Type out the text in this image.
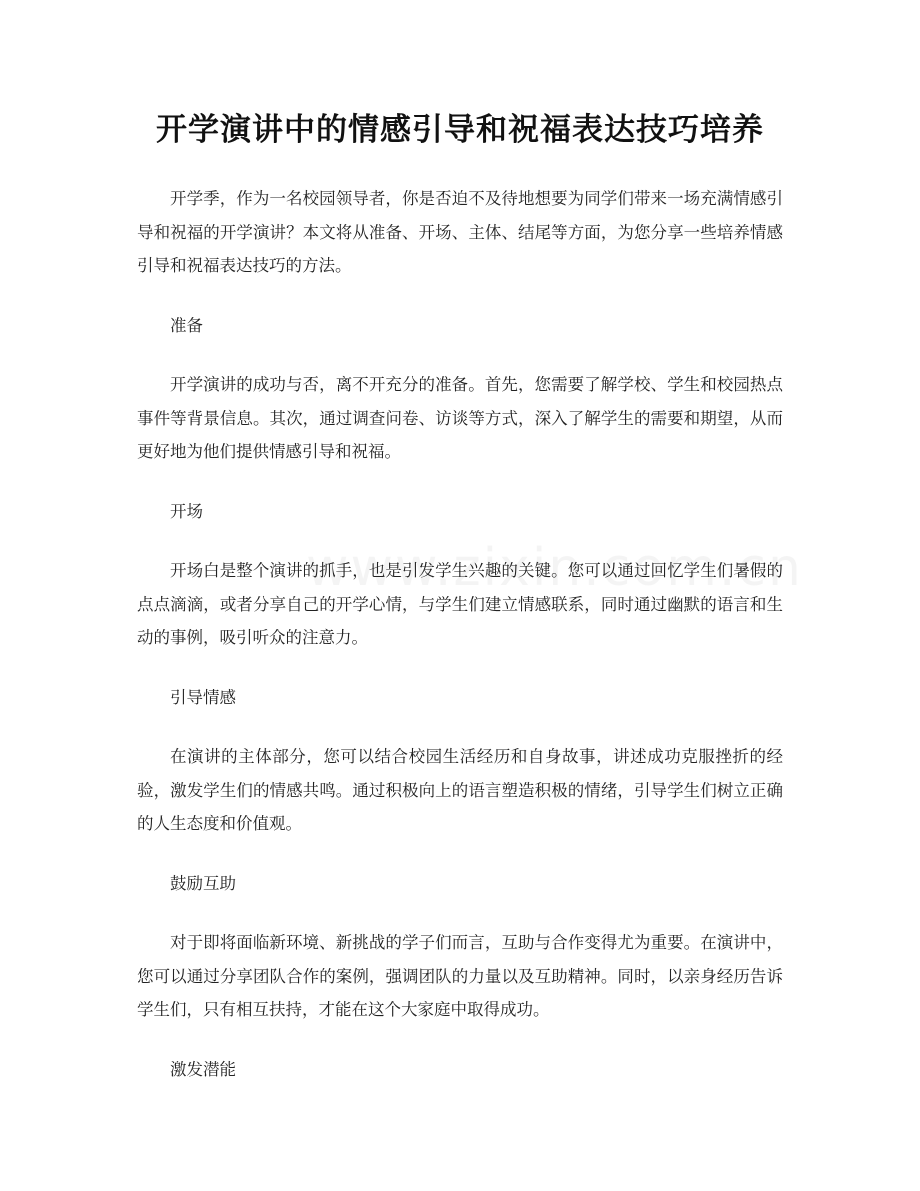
开学演讲中的情感引导和祝福表达技巧培养

开学季，作为一名校园领导者，你是否迫不及待地想要为同学们带来一场充满情感引导和祝福的开学演讲？本文将从准备、开场、主体、结尾等方面，为您分享一些培养情感引导和祝福表达技巧的方法。

准备

开学演讲的成功与否，离不开充分的准备。首先，您需要了解学校、学生和校园热点事件等背景信息。其次，通过调查问卷、访谈等方式，深入了解学生的需要和期望，从而更好地为他们提供情感引导和祝福。

开场

开场白是整个演讲的抓手，也是引发学生兴趣的关键。您可以通过回忆学生们暑假的点点滴滴，或者分享自己的开学心情，与学生们建立情感联系，同时通过幽默的语言和生动的事例，吸引听众的注意力。

引导情感

在演讲的主体部分，您可以结合校园生活经历和自身故事，讲述成功克服挫折的经验，激发学生们的情感共鸣。通过积极向上的语言塑造积极的情绪，引导学生们树立正确的人生态度和价值观。

鼓励互助

对于即将面临新环境、新挑战的学子们而言，互助与合作变得尤为重要。在演讲中，您可以通过分享团队合作的案例，强调团队的力量以及互助精神。同时，以亲身经历告诉学生们，只有相互扶持，才能在这个大家庭中取得成功。

激发潜能
